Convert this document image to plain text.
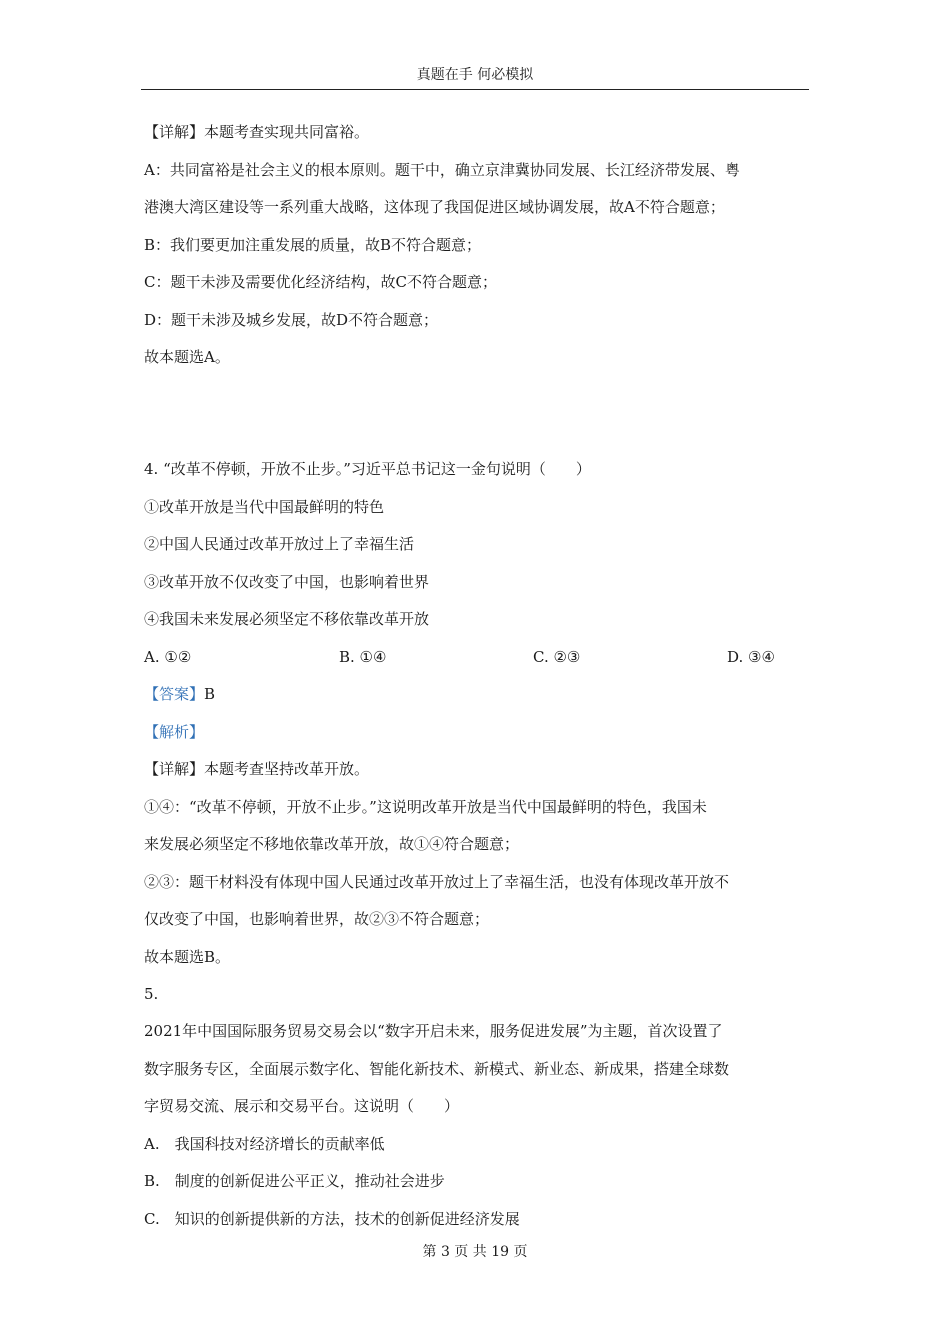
真题在手 何必模拟
【详解】本题考查实现共同富裕。
A：共同富裕是社会主义的根本原则。题干中，确立京津冀协同发展、长江经济带发展、粤
港澳大湾区建设等一系列重大战略，这体现了我国促进区域协调发展，故A不符合题意；
B：我们要更加注重发展的质量，故B不符合题意；
C：题干未涉及需要优化经济结构，故C不符合题意；
D：题干未涉及城乡发展，故D不符合题意；
故本题选A。
4. “改革不停顿，开放不止步。”习近平总书记这一金句说明（　　）
①改革开放是当代中国最鲜明的特色
②中国人民通过改革开放过上了幸福生活
③改革开放不仅改变了中国，也影响着世界
④我国未来发展必须坚定不移依靠改革开放
A. ①②	B. ①④	C. ②③	D. ③④
【答案】B
【解析】
【详解】本题考查坚持改革开放。
①④：“改革不停顿，开放不止步。”这说明改革开放是当代中国最鲜明的特色，我国未
来发展必须坚定不移地依靠改革开放，故①④符合题意；
②③：题干材料没有体现中国人民通过改革开放过上了幸福生活，也没有体现改革开放不
仅改变了中国，也影响着世界，故②③不符合题意；
故本题选B。
5.
2021年中国国际服务贸易交易会以“数字开启未来，服务促进发展”为主题，首次设置了
数字服务专区，全面展示数字化、智能化新技术、新模式、新业态、新成果，搭建全球数
字贸易交流、展示和交易平台。这说明（　　）
A.　我国科技对经济增长的贡献率低
B.　制度的创新促进公平正义，推动社会进步
C.　知识的创新提供新的方法，技术的创新促进经济发展
第 3 页 共 19 页
